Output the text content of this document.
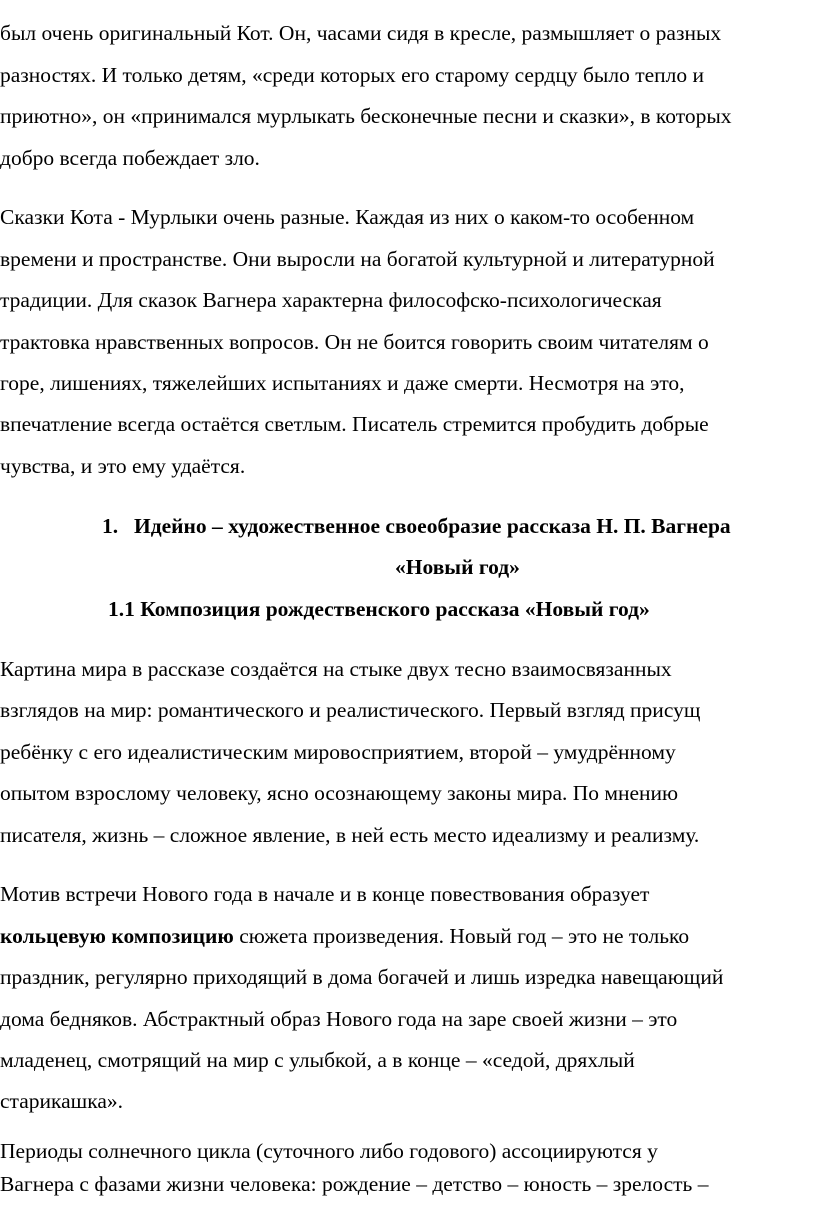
был очень оригинальный Кот. Он, часами сидя в кресле, размышляет о разных
разностях. И только детям, «среди которых его старому сердцу было тепло и
приютно», он «принимался мурлыкать бесконечные песни и сказки», в которых
добро всегда побеждает зло.
Сказки Кота - Мурлыки очень разные. Каждая из них о каком-то особенном
времени и пространстве. Они выросли на богатой культурной и литературной
традиции. Для сказок Вагнера характерна философско-психологическая
трактовка нравственных вопросов. Он не боится говорить своим читателям о
горе, лишениях, тяжелейших испытаниях и даже смерти. Несмотря на это,
впечатление всегда остаётся светлым. Писатель стремится пробудить добрые
чувства, и это ему удаётся.
1. Идейно – художественное своеобразие рассказа Н. П. Вагнера
«Новый год»
1.1 Композиция рождественского рассказа «Новый год»
Картина мира в рассказе создаётся на стыке двух тесно взаимосвязанных
взглядов на мир: романтического и реалистического. Первый взгляд присущ
ребёнку с его идеалистическим мировосприятием, второй – умудрённому
опытом взрослому человеку, ясно осознающему законы мира. По мнению
писателя, жизнь – сложное явление, в ней есть место идеализму и реализму.
Мотив встречи Нового года в начале и в конце повествования образует
кольцевую композицию сюжета произведения. Новый год – это не только
праздник, регулярно приходящий в дома богачей и лишь изредка навещающий
дома бедняков. Абстрактный образ Нового года на заре своей жизни – это
младенец, смотрящий на мир с улыбкой, а в конце – «седой, дряхлый
старикашка».
Периоды солнечного цикла (суточного либо годового) ассоциируются у
Вагнера с фазами жизни человека: рождение – детство – юность – зрелость –
